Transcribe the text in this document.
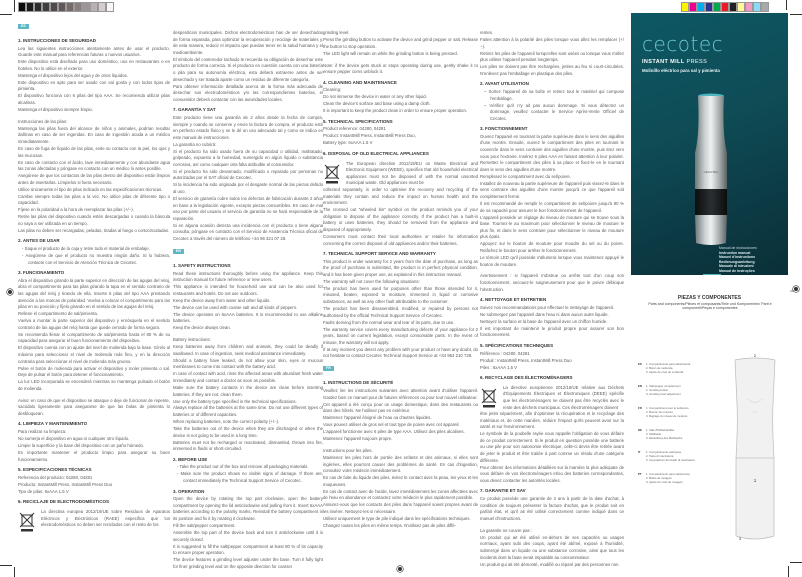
ES
1. INSTRUCCIONES DE SEGURIDAD
Lea las siguientes instrucciones atentamente antes de usar el producto. Guarde este manual para referencias futuras o nuevos usuarios.
Este dispositivo está diseñado para uso doméstico, uso en restaurantes o en hoteles. No lo utilice en el exterior.
Mantenga el dispositivo lejos del agua y de otros líquidos.
Este dispositivo es apto para ser usado con sal gorda y con todos tipos de pimienta.
El dispositivo funciona con 6 pilas del tipo AAA. Se recomienda utilizar pilas alcalinas.
Mantenga el dispositivo siempre limpio.
Instrucciones de las pilas:
Mantenga las pilas fuera del alcance de niños y animales, podrían resultar dañinas en caso de ser ingeridas. En caso de ingestión acuda a un médico inmediatamente.
En caso de fuga de líquido de las pilas, evite su contacto con la piel, los ojos y las mucosas.
En caso de contacto con el ácido, lave inmediatamente y con abundante agua las zonas afectadas y póngase en contacto con un médico lo antes posible.
Asegúrese de que los contactos de las pilas dentro del dispositivo están limpios antes de insertarlas. Límpielos si fuera necesario.
Utilice únicamente el tipo de pilas indicado en las especificaciones técnicas.
Cambie siempre todas las pilas a la vez. No utilice pilas de diferente tipo o capacidad.
Fíjese en la polaridad a la hora de reemplazar las pilas (+/−).
Retire las pilas del dispositivo cuando estén descargadas o cuando la báscula no vaya a ser utilizada en un tiempo.
Las pilas no deben ser recargadas, peladas, tiradas al fuego o cortocircuitadas.
2. ANTES DE USAR
- Saque el producto de la caja y retire todo el material de embalaje.
- Asegúrese de que el producto no muestra ningún daño. Si lo hubiera, contacte con el Servicio de Atención Técnica de Cecotec.
3. FUNCIONAMIENTO
Abra el dispositivo girando la parte superior en dirección de las agujas del reloj, abra el compartimento para las pilas girando la tapa en el sentido contrario de las agujas del reloj y tirando de ella. Inserte 6 pilas del tipo AAA prestando atención a las marcas de polaridad. Vuelva a colocar el compartimento para las pilas en su posición y fíjelo girando en el sentido de las agujas del reloj.
Rellene el compartimento de sal/pimienta.
Vuelva a montar la parte superior del dispositivo y enrósquela en el sentido contrario de las agujas del reloj hasta que quede cerrado de forma segura.
Se recomienda llenar el compartimento de sal/pimienta hasta el 80 % de su capacidad para asegurar el buen funcionamiento del dispositivo.
El dispositivo cuenta con un ajuste del nivel de molienda bajo la base. Gírelo al máximo para seleccionar el nivel de molienda más fino, y en la dirección contraria para seleccionar el nivel de molienda más grueso.
Pulse el botón de molienda para activar el dispositivo y moler pimienta o sal. Deje de pulsar el botón para detener el funcionamiento.
La luz LED incorporada se encenderá mientras se mantenga pulsado el botón de molienda.
Aviso: en caso de que el dispositivo se atasque o deje de funcionar de repente, sacúdalo ligeramente para asegurarse de que las bolas de pimienta lo desbloquean.
4. LIMPIEZA Y MANTENIMIENTO
Para realizar su limpieza:
No sumerja el dispositivo en agua ni cualquier otro líquido.
Limpie la superficie y la base del dispositivo con un paño húmedo.
Es importante mantener el producto limpio para asegurar su buen funcionamiento.
5. ESPECIFICACIONES TÉCNICAS
Referencia del producto: 04280, 04281
Producto: InstantMill Press, InstantMill Press Duo
Tipo de pilas: 6xAAA 1.5 V
6. RECICLAJE DE ELECTRODOMÉSTICOS
La directiva europea 2012/19/UE sobre Residuos de Aparatos Eléctricos y Electrónicos (RAEE) especifica que los electrodomésticos no deben ser reciclados con el resto de los
desperdicios municipales. Dichos electrodomésticos han de ser desechados de forma separada, para optimizar la recuperación y reciclaje de materiales y, de esta manera, reducir el impacto que puedan tener en la salud humana y el medioambiente.
El símbolo del contenedor tachado te recuerda su obligación de desechar este producto de forma correcta. Si el producto en cuestión cuenta con una batería o pila para su autonomía eléctrica, esta deberá extraerse antes de ser desechado y ser tratada aparte como un residuo de diferente categoría.
Para obtener información detallada acerca de la forma más adecuada de desechar sus electrodomésticos y/o las correspondientes baterías, el consumidor deberá contactar con las autoridades locales.
7. GARANTÍA Y SAT
Este producto tiene una garantía de 2 años desde la fecha de compra, siempre y cuando se conserve y envíe la factura de compra, el producto esté en perfecto estado físico y se le dé un uso adecuado tal y como se indica en este manual de instrucciones.
La garantía no cubrirá:
Si el producto ha sido usado fuera de su capacidad o utilidad, maltratado, golpeado, expuesto a la humedad, sumergido en algún líquido o substancia corrosiva, así como cualquier otra falta atribuible al consumidor.
Si el producto ha sido desarmado, modificado o reparado por personas no autorizadas por el SAT oficial de Cecotec.
Si la incidencia ha sido originada por el desgaste normal de las piezas debido al uso.
El servicio de garantía cubre todos los defectos de fabricación durante 2 años en base a la legislación vigente, excepto piezas consumibles. En caso de mal uso por parte del usuario el servicio de garantía no se hará responsable de la reparación.
Si en alguna ocasión detecta una incidencia con el producto o tiene alguna consulta, póngase en contacto con el Servicio de Asistencia Técnica oficial de Cecotec a través del número de teléfono +34 96 321 07 28.
EN
1. SAFETY INSTRUCTIONS
Read these instructions thoroughly before using the appliance. Keep this instruction manual for future reference or new users.
This appliance is intended for household use and can be also used for restaurants and hotels. Do not use outdoors.
Keep the device away from water and other liquids.
The device can be used with coarse salt and all kinds of peppers.
The device operates on 6xAAA batteries. It is recommended to use alkaline batteries.
Keep the device always clean.
Battery instructions:
Keep batteries away from children and animals, they could be deadly if swallowed. In case of ingestion, seek medical assistance immediately.
Should a battery have leaked, do not allow your skin, eyes or mucous membranes to come into contact with the battery acid.
In case of contact with acid, rinse the affected areas with abundant fresh water immediately and contact a doctor as soon as possible.
Make sure the battery contacts in the device are clean before inserting batteries. If they are not, clean them.
Use only the battery type specified in the technical specifications.
Always replace all the batteries at the same time. Do not use different types of batteries or of different capacities.
When replacing batteries, note the correct polarity (+/−).
Take the batteries out of the device when they are discharged or when the device is not going to be used in a long time.
Batteries must not be recharged or reactivated, dismantled, thrown into fire, immersed in fluids or short-circuited.
2. BEFORE USE
- Take the product out of the box and remove all packaging materials.
- Make sure the product shows no visible signs of damage. If there are, contact immediately the Technical Support Service of Cecotec.
3. OPERATION
Open the device by rotating the top part clockwise, open the battery compartment by opening the lid anticlockwise and pulling from it. Insert 6xAAA batteries according to the polarity marks. Reinstall the battery compartment in its position and fix it by rotating it clockwise.
Fill the salt/pepper compartment.
Assemble the top part of the device back and turn it anticlockwise until it is securely closed.
It is suggested to fill the salt/pepper compartment at least 80 % of its capacity to ensure proper operation.
The device features a grinding level adjuster under the base. Turn it fully tight for finer grinding level and on the opposite direction for coarser
grinding level.
Press the grinding button to activate the device and grind pepper or salt. Release the button to stop operation.
The LED light will remain on while the grinding button is being pressed.
Note: if the device gets stuck or stops operating during use, gently shake it to ensure pepper corns unblock it.
4. CLEANING AND MAINTENANCE
Cleaning:
Do not immerse the device in water or any other liquid.
Clean the device's surface and base using a damp cloth.
It is important to keep the product clean in order to ensure proper operation.
5. TECHNICAL SPECIFICATIONS
Product reference: 04280, 04281
Product: InstantMill Press, InstantMill Press Duo,
Battery type: 6xAAA 1.5 V
6. DISPOSAL OF OLD ELECTRICAL APPLIANCES
The European directive 2012/19/EU on Waste Electrical and Electronic Equipment (WEEE), specifies that old household electrical appliances must not be disposed of with the normal unsorted municipal waste. Old appliances must be
collected separately, in order to optimise the recovery and recycling of the materials they contain and reduce the impact on human health and the environment.
The crossed out “wheeled bin” symbol on the product reminds you of your obligation to dispose of the appliance correctly. If the product has a built-in battery or uses batteries, they should be removed from the appliance and disposed of appropriately.
Consumers must contact their local authorities or retailer for information concerning the correct disposal of old appliances and/or their batteries.
7. TECHNICAL SUPPORT SERVICE AND WARRANTY
This product is under warranty for 2 years from the date of purchase, as long as the proof of purchase is submitted, the product is in perfect physical condition, and it has been given proper use, as explained in this instruction manual.
The warranty will not cover the following situations:
The product has been used for purposes other than those intended for it, misused, beaten, exposed to moisture, immersed in liquid or corrosive substances, as well as any other fault attributable to the customer.
The product has been disassembled, modified, or repaired by persons not authorised by the official Technical Support Service of Cecotec.
Faults deriving from the normal wear and tear of its parts, due to use.
The warranty service covers every manufacturing defects of your appliance for 2 years, based on current legislation, except consumable parts. In the event of misuse, the warranty will not apply.
If at any moment you detect any problem with your product or have any doubt, do not hesitate to contact Cecotec Technical Support Service at +34 963 210 728.
FR
1. INSTRUCTIONS DE SÉCURITÉ
Veuillez lire les instructions suivantes avec attention avant d'utiliser l'appareil. Gardez bien ce manuel pour de futures références ou pour tout nouvel utilisateur.
Cet appareil a été conçu pour un usage domestique, dans des restaurants ou dans des hôtels. Ne l'utilisez pas en extérieur.
Maintenez l'appareil éloigné de l'eau ou d'autres liquides.
Vous pouvez utiliser de gros sel et tout type de poivre avec cet appareil.
L'appareil fonctionne avec 6 piles de type AAA. Utilisez des piles alcalines.
Maintenez l'appareil toujours propre.
Instructions pour les piles.
Maintenez les piles hors de portée des enfants et des animaux, si elles sont ingérées, elles pourront causer des problèmes de santé. En cas d'ingestion, consultez votre médecin immédiatement.
En cas de fuite du liquide des piles, évitez le contact avec la peau, les yeux et les muqueuses.
En cas de contact avec de l'acide, lavez immédiatement les zones affectées avec de l'eau en abondance et contactez votre médecin le plus rapidement possible.
Assurez-vous que les contacts des piles dans l'appareil soient propres avant de les insérer. Nettoyez-les si nécessaire.
Utilisez uniquement le type de pile indiqué dans les spécifications techniques.
Changez toutes les piles en même temps. N'utilisez pas de piles diffé-
rentes.
Faites attention à la polarité des piles lorsque vous allez les remplacer (+/−).
Retirez les piles de l'appareil lorsqu'elles sont usées ou lorsque vous n'allez plus utiliser l'appareil pendant longtemps.
Les piles ne doivent pas être rechargées, jetées au feu ni court-circuitées. N'enlevez pas l'emballage en plastique des piles.
2. AVANT UTILISATION
– Sortez l'appareil de sa boîte et retirez tout le matériel qui compose l'emballage.
– Vérifiez qu'il n'y ait pas aucun dommage. Si vous détectez un dommage, veuillez contacter le Service Après-Vente Officiel de Cecotec.
3. FONCTIONNEMENT
Ouvrez l'appareil en tournant la partie supérieure dans le sens des aiguilles d'une montre. Ensuite, ouvrez le compartiment des piles en tournant le couvercle dans le sens contraire des aiguilles d'une montre, puis tirez vers vous pour l'extraire. Insérez 6 piles AAA en faisant attention à leur polarité. Remettez le compartiment des piles à sa place et fixez-le en le tournant dans le sens des aiguilles d'une montre.
Remplissez le compartiment avec du sel/poivre.
Installez de nouveau la partie supérieure de l'appareil puis vissez-le dans le sens contraire des aiguilles d'une montre jusqu'à ce que l'appareil soit complètement fermé.
Il est recommandé de remplir le compartiment de sel/poivre jusqu'à 80 % de sa capacité pour assurer le bon fonctionnement de l'appareil.
L'appareil possède un réglage du niveau de mouture qui se trouve sous la base. Tournez-le au maximum pour sélectionner le niveau de mouture le plus fin, et dans le sens contraire pour sélectionner le niveau de mouture plus épais.
Appuyez sur le bouton de mouture pour moudre du sel ou du poivre. Relâchez le bouton pour arrêter le fonctionnement.
Le témoin LED qu'il possède s'allumera lorsque vous maintenez appuyé le bouton de mouture.
Avertissement : si l'appareil s'obstrue ou arrête tout d'un coup son fonctionnement, secouez-le soigneusement pour que le poivre débloque l'obstruction.
4. NETTOYAGE ET ENTRETIEN
Suivez nos recommandations pour effectuer le nettoyage de l'appareil.
Ne submergez pas l'appareil dans l'eau ni dans aucun autre liquide.
Nettoyez la surface et la base de l'appareil avec un chiffon humide.
Il est important de maintenir le produit propre pour assurer son bon fonctionnement.
5. SPÉCIFICATIONS TECHNIQUES
Référence : 04280, 04281
Produit : InstantMill Press, InstantMill Press Duo
Piles : 6xAAA 1,5 V
6. RECYCLAGE DES ÉLECTROMÉNAGERS
La directive européenne 2012/19/UE relative aux Déchets d'Équipements Électriques et Électroniques (DEEE) spécifie que les électroménagers ne doivent pas être recyclés avec le reste des déchets municipaux. Ces électroménagers doivent
être jetés séparément, afin d'optimiser la récupération et le recyclage des matériaux et, de cette manière, réduire l'impact qu'ils peuvent avoir sur la santé et sur l'environnement.
Le symbole de la poubelle rayée vous rappelle l'obligation de vous défaire de ce produit correctement. Si le produit en question possède une batterie ou une pile pour son autonomie électrique, celle-ci devra être retirée avant de jeter le produit et être traitée à part comme un résidu d'une catégorie différente.
Pour obtenir des informations détaillées sur la manière la plus adéquate de vous défaire de vos électroménagers et/ou des batteries correspondantes, vous devez contacter les autorités locales.
7. GARANTIE ET SAV
Ce produit possède une garantie de 2 ans à partir de la date d'achat, à condition de toujours présenter la facture d'achat, que le produit soit en parfait état, et qu'il ait été utilisé correctement comme indiqué dans ce manuel d'instructions.
La garantie ne couvre pas :
Un produit qui ait été utilisé en-dehors de ses capacités ou usages normaux, ayant subi des coups, ayant été abîmé, exposé à l'humidité, submergé dans un liquide ou une substance corrosive, ainsi que tous les incidents dont la faute serait imputable au consommateur.
Un produit qui ait été démonté, modifié ou réparé par des personnes non
cecotec
INSTANT MILL PRESS
Molinillo eléctrico para sal y pimienta
CECOTEC
Manual de instrucciones
Instruction manual
Manuel d'instructions
Bedienungsanleitung
Manuale di istruzioni
Manual de instruções
PIEZAS Y COMPONENTES
Parts and components/Pièces et composants/Teile und Komponenten/ Parti e componenti/Peças e componentes
ES	1. Compartimento para sal/pimienta
2. Botón de molienda
3. Ajuste de nivel de molienda
EN	1. Salt/pepper compartment
2. Grinding button
3. Grinding level adjustment
FR	1. Compartiment pour le sel/poivre
2. Bouton de mouture
3. Réglage du niveau de mouture
DE	1. Salz-/Pfefferbehälter
2. Mahltaste
3. Einstellung des Mahlwerks
IT	1. Compartimento sale/pepe
2. Tasto di macinatura
3. Impostazioni del livello di macinatura
PT	1. Compartimento para sal/pimenta
2. Botão de moagem
3. Ajuste do nível de moagem
2
1
3
01
